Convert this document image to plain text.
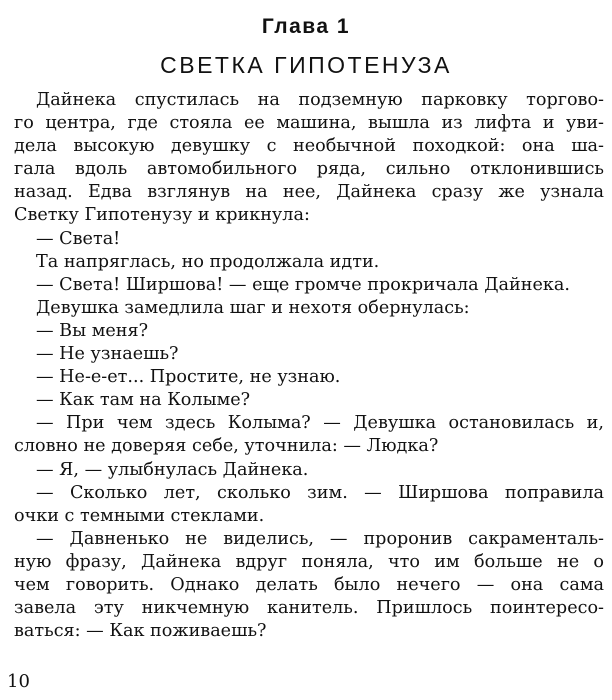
Глава 1
СВЕТКА ГИПОТЕНУЗА
Дайнека спустилась на подземную парковку торгово-
го центра, где стояла ее машина, вышла из лифта и уви-
дела высокую девушку с необычной походкой: она ша-
гала вдоль автомобильного ряда, сильно отклонившись
назад. Едва взглянув на нее, Дайнека сразу же узнала
Светку Гипотенузу и крикнула:
— Света!
Та напряглась, но продолжала идти.
— Света! Ширшова! — еще громче прокричала Дайнека.
Девушка замедлила шаг и нехотя обернулась:
— Вы меня?
— Не узнаешь?
— Не-е-ет... Простите, не узнаю.
— Как там на Колыме?
— При чем здесь Колыма? — Девушка остановилась и,
словно не доверяя себе, уточнила: — Людка?
— Я, — улыбнулась Дайнека.
— Сколько лет, сколько зим. — Ширшова поправила
очки с темными стеклами.
— Давненько не виделись, — проронив сакраменталь-
ную фразу, Дайнека вдруг поняла, что им больше не о
чем говорить. Однако делать было нечего — она сама
завела эту никчемную канитель. Пришлось поинтересо-
ваться: — Как поживаешь?
10
